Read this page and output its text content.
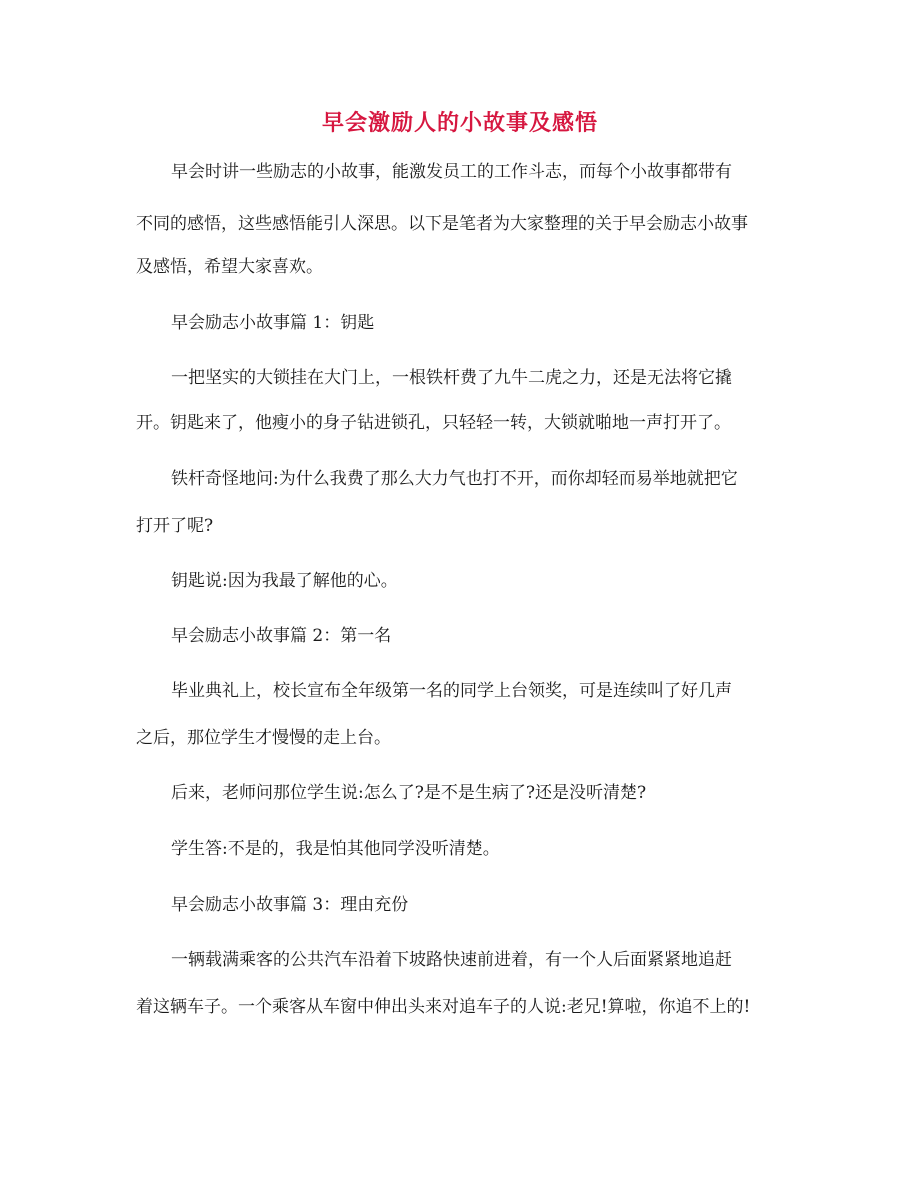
早会激励人的小故事及感悟
早会时讲一些励志的小故事，能激发员工的工作斗志，而每个小故事都带有
不同的感悟，这些感悟能引人深思。以下是笔者为大家整理的关于早会励志小故事
及感悟，希望大家喜欢。
早会励志小故事篇 1：钥匙
一把坚实的大锁挂在大门上，一根铁杆费了九牛二虎之力，还是无法将它撬
开。钥匙来了，他瘦小的身子钻进锁孔，只轻轻一转，大锁就啪地一声打开了。
铁杆奇怪地问:为什么我费了那么大力气也打不开，而你却轻而易举地就把它
打开了呢?
钥匙说:因为我最了解他的心。
早会励志小故事篇 2：第一名
毕业典礼上，校长宣布全年级第一名的同学上台领奖，可是连续叫了好几声
之后，那位学生才慢慢的走上台。
后来，老师问那位学生说:怎么了?是不是生病了?还是没听清楚?
学生答:不是的，我是怕其他同学没听清楚。
早会励志小故事篇 3：理由充份
一辆载满乘客的公共汽车沿着下坡路快速前进着，有一个人后面紧紧地追赶
着这辆车子。一个乘客从车窗中伸出头来对追车子的人说:老兄!算啦，你追不上的!
